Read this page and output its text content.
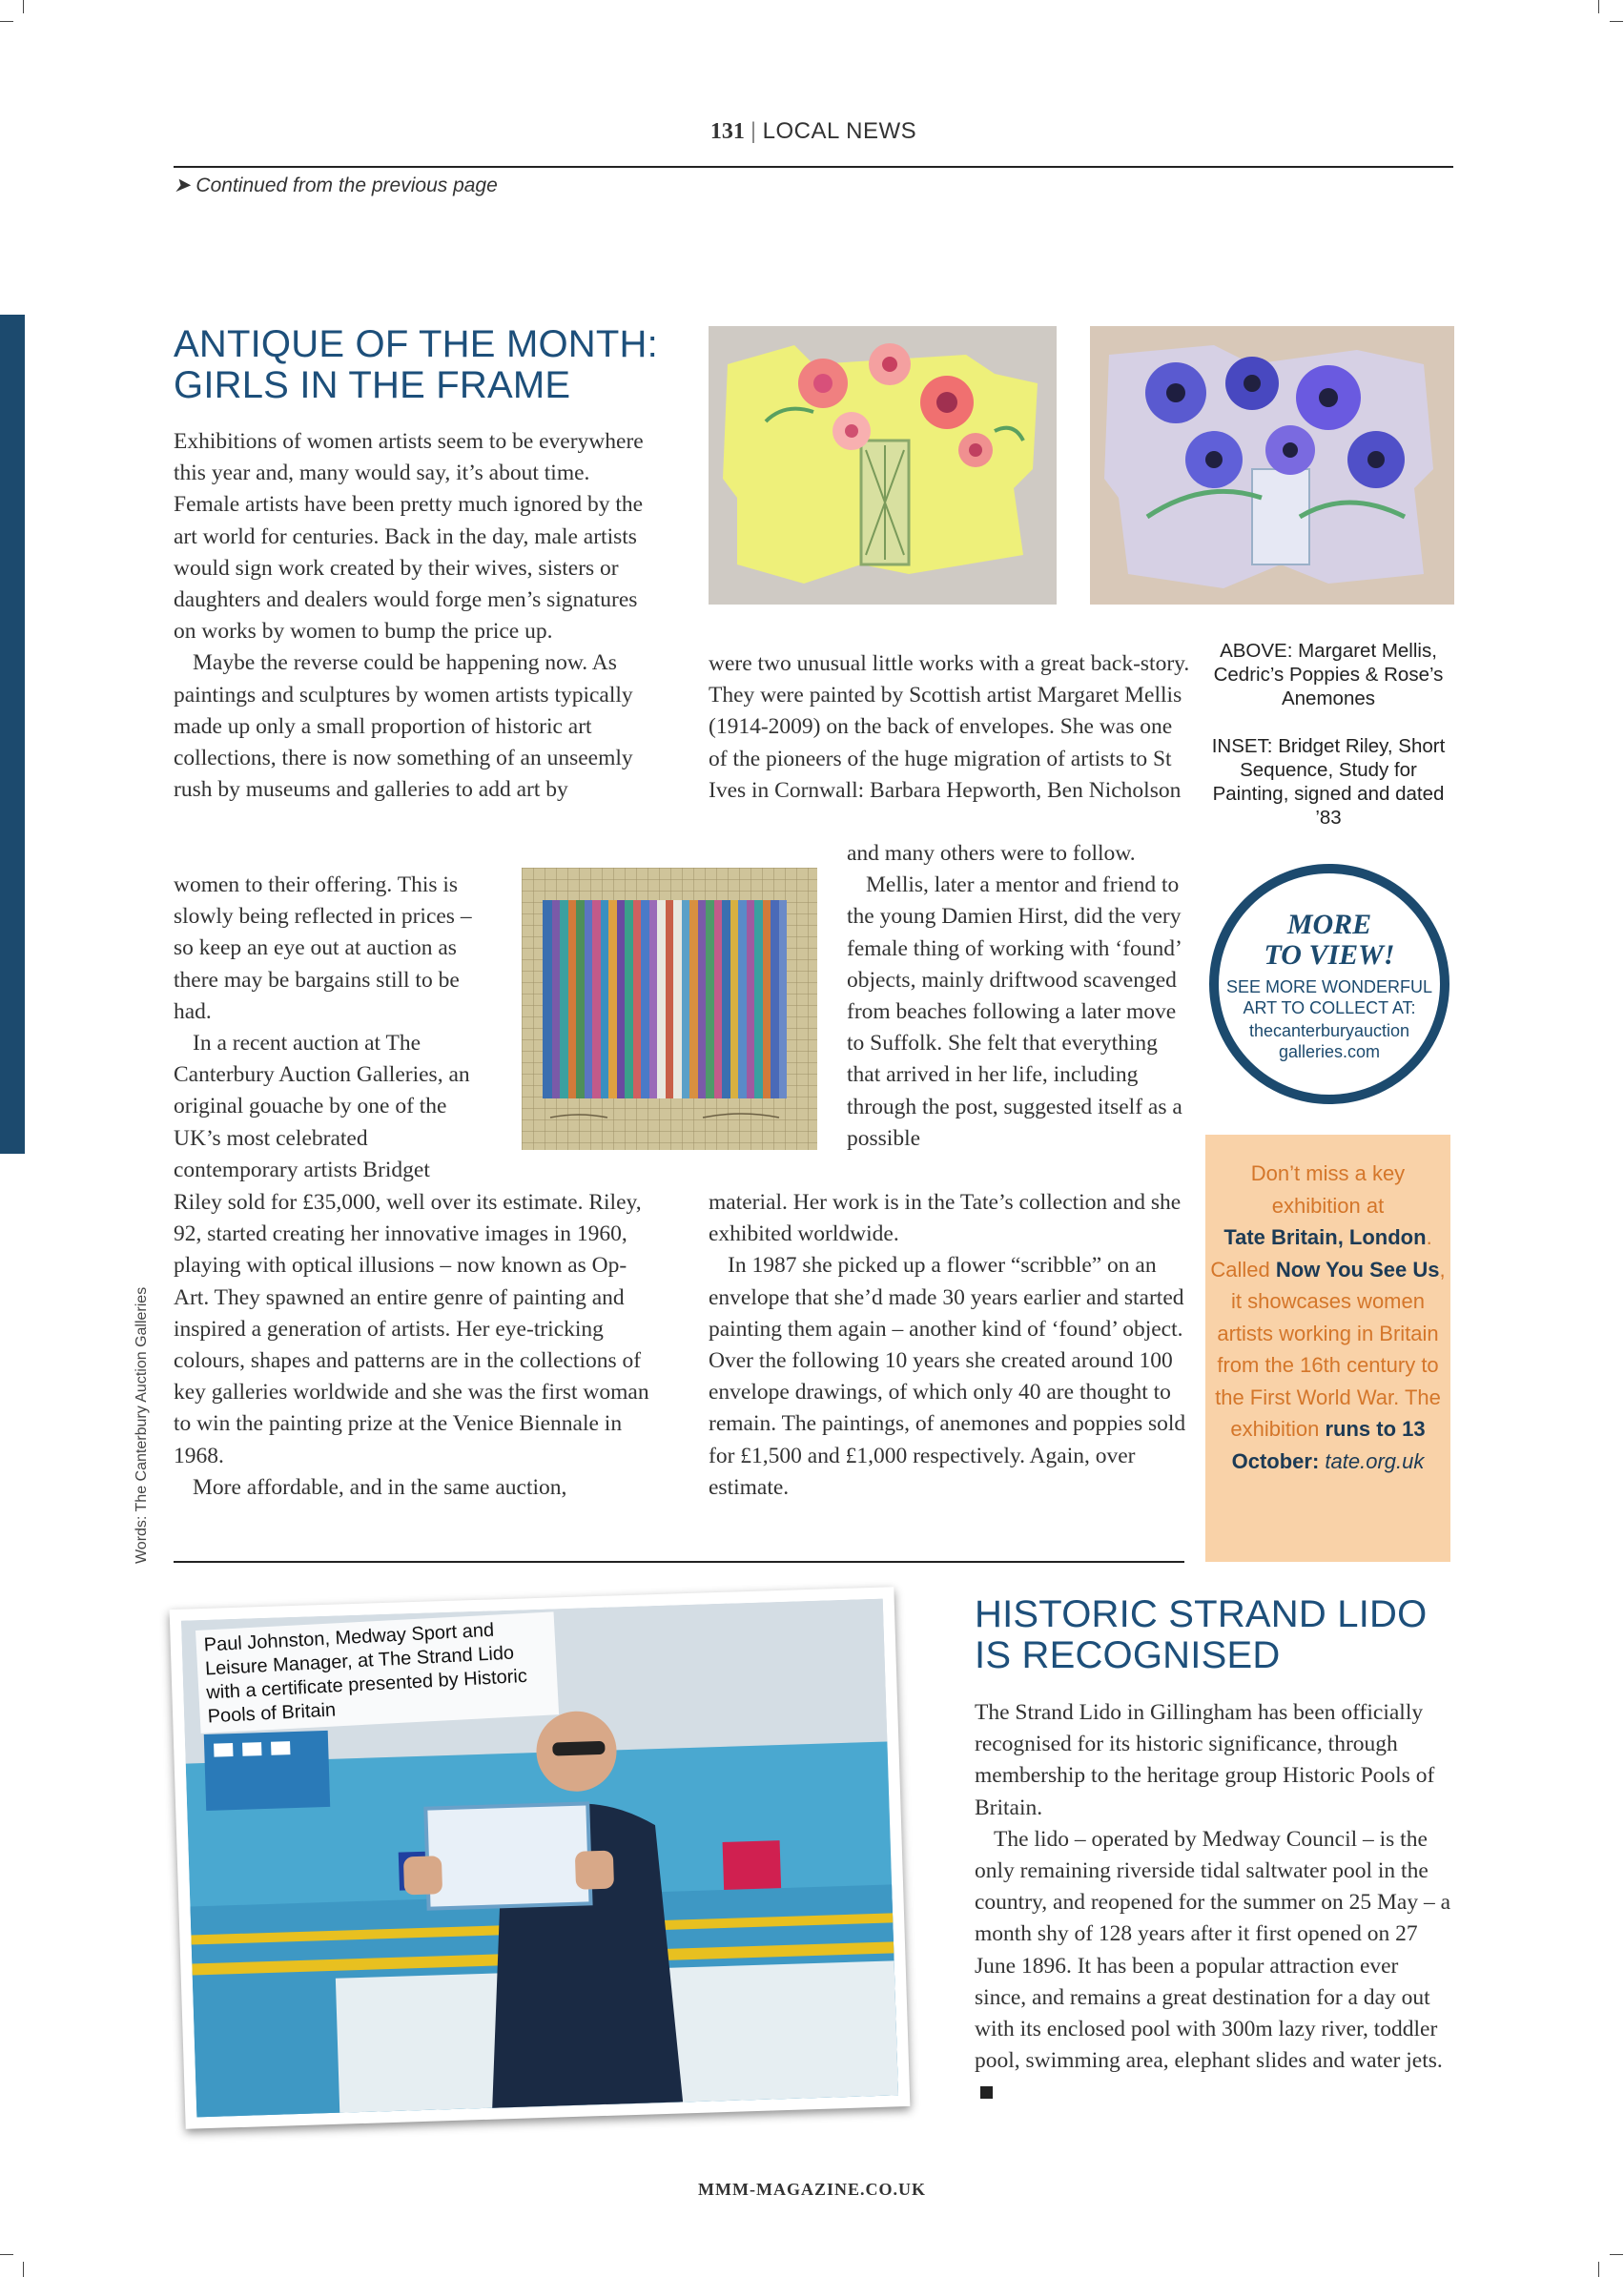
131 | LOCAL NEWS
➤ Continued from the previous page
ANTIQUE OF THE MONTH:
GIRLS IN THE FRAME

Exhibitions of women artists seem to be everywhere this year and, many would say, it’s about time. Female artists have been pretty much ignored by the art world for centuries. Back in the day, male artists would sign work created by their wives, sisters or daughters and dealers would forge men’s signatures on works by women to bump the price up.

Maybe the reverse could be happening now. As paintings and sculptures by women artists typically made up only a small proportion of historic art collections, there is now something of an unseemly rush by museums and galleries to add art by

women to their offering. This is slowly being reflected in prices – so keep an eye out at auction as there may be bargains still to be had.

In a recent auction at The Canterbury Auction Galleries, an original gouache by one of the UK’s most celebrated contemporary artists Bridget

Riley sold for £35,000, well over its estimate. Riley, 92, started creating her innovative images in 1960, playing with optical illusions – now known as Op-Art. They spawned an entire genre of painting and inspired a generation of artists. Her eye-tricking colours, shapes and patterns are in the collections of key galleries worldwide and she was the first woman to win the painting prize at the Venice Biennale in 1968.

More affordable, and in the same auction,

Words: The Canterbury Auction Galleries

were two unusual little works with a great back-story. They were painted by Scottish artist Margaret Mellis (1914-2009) on the back of envelopes. She was one of the pioneers of the huge migration of artists to St Ives in Cornwall: Barbara Hepworth, Ben Nicholson

and many others were to follow.

Mellis, later a mentor and friend to the young Damien Hirst, did the very female thing of working with ‘found’ objects, mainly driftwood scavenged from beaches following a later move to Suffolk. She felt that everything that arrived in her life, including through the post, suggested itself as a possible

material. Her work is in the Tate’s collection and she exhibited worldwide.

In 1987 she picked up a flower “scribble” on an envelope that she’d made 30 years earlier and started painting them again – another kind of ‘found’ object. Over the following 10 years she created around 100 envelope drawings, of which only 40 are thought to remain. The paintings, of anemones and poppies sold for £1,500 and £1,000 respectively. Again, over estimate.

ABOVE: Margaret Mellis, Cedric’s Poppies & Rose’s Anemones
INSET: Bridget Riley, Short Sequence, Study for Painting, signed and dated ’83
MORE
TO VIEW!
SEE MORE WONDERFUL ART TO COLLECT AT:
thecanterburyauction galleries.com
Don’t miss a key exhibition at
Tate Britain, London. Called Now You See Us, it showcases women artists working in Britain from the 16th century to the First World War. The exhibition runs to 13 October: tate.org.uk
Paul Johnston, Medway Sport and Leisure Manager, at The Strand Lido with a certificate presented by Historic Pools of Britain
HISTORIC STRAND LIDO
IS RECOGNISED

The Strand Lido in Gillingham has been officially recognised for its historic significance, through membership to the heritage group Historic Pools of Britain.

The lido – operated by Medway Council – is the only remaining riverside tidal saltwater pool in the country, and reopened for the summer on 25 May – a month shy of 128 years after it first opened on 27 June 1896. It has been a popular attraction ever since, and remains a great destination for a day out with its enclosed pool with 300m lazy river, toddler pool, swimming area, elephant slides and water jets.

MMM-MAGAZINE.CO.UK
